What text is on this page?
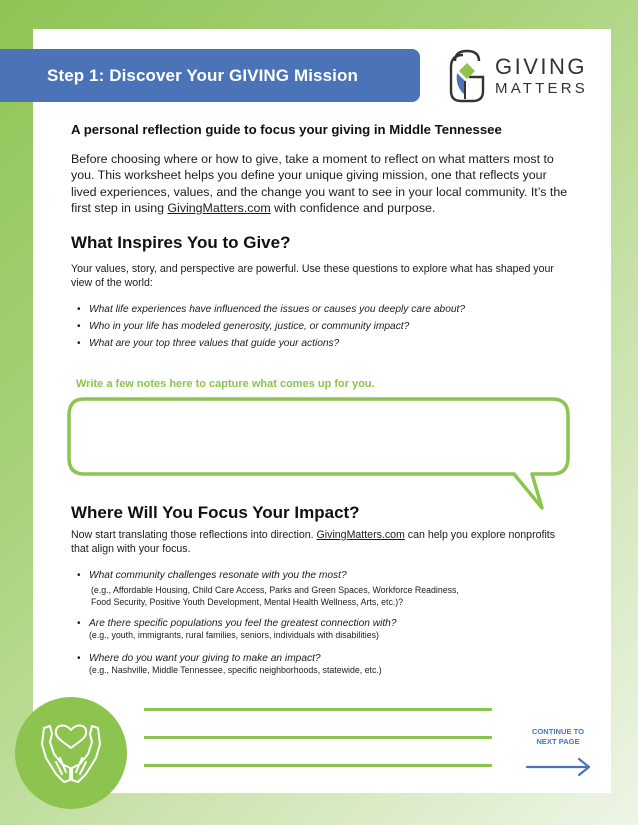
Step 1: Discover Your GIVING Mission	GIVING
MATTERS
A personal reflection guide to focus your giving in Middle Tennessee

Before choosing where or how to give, take a moment to reflect on what matters most to you. This worksheet helps you define your unique giving mission, one that reflects your lived experiences, values, and the change you want to see in your local community. It’s the first step in using GivingMatters.com with confidence and purpose.

What Inspires You to Give?

Your values, story, and perspective are powerful. Use these questions to explore what has shaped your view of the world:

• What life experiences have influenced the issues or causes you deeply care about?
• Who in your life has modeled generosity, justice, or community impact?
• What are your top three values that guide your actions?
Write a few notes here to capture what comes up for you.
Where Will You Focus Your Impact?

Now start translating those reflections into direction. GivingMatters.com can help you explore nonprofits that align with your focus.

• What community challenges resonate with you the most?
(e.g., Affordable Housing, Child Care Access, Parks and Green Spaces, Workforce Readiness,
Food Security, Positive Youth Development, Mental Health Wellness, Arts, etc.)?
• Are there specific populations you feel the greatest connection with?
(e.g., youth, immigrants, rural families, seniors, individuals with disabilities)
• Where do you want your giving to make an impact?
(e.g., Nashville, Middle Tennessee, specific neighborhoods, statewide, etc.)
CONTINUE TO
NEXT PAGE
